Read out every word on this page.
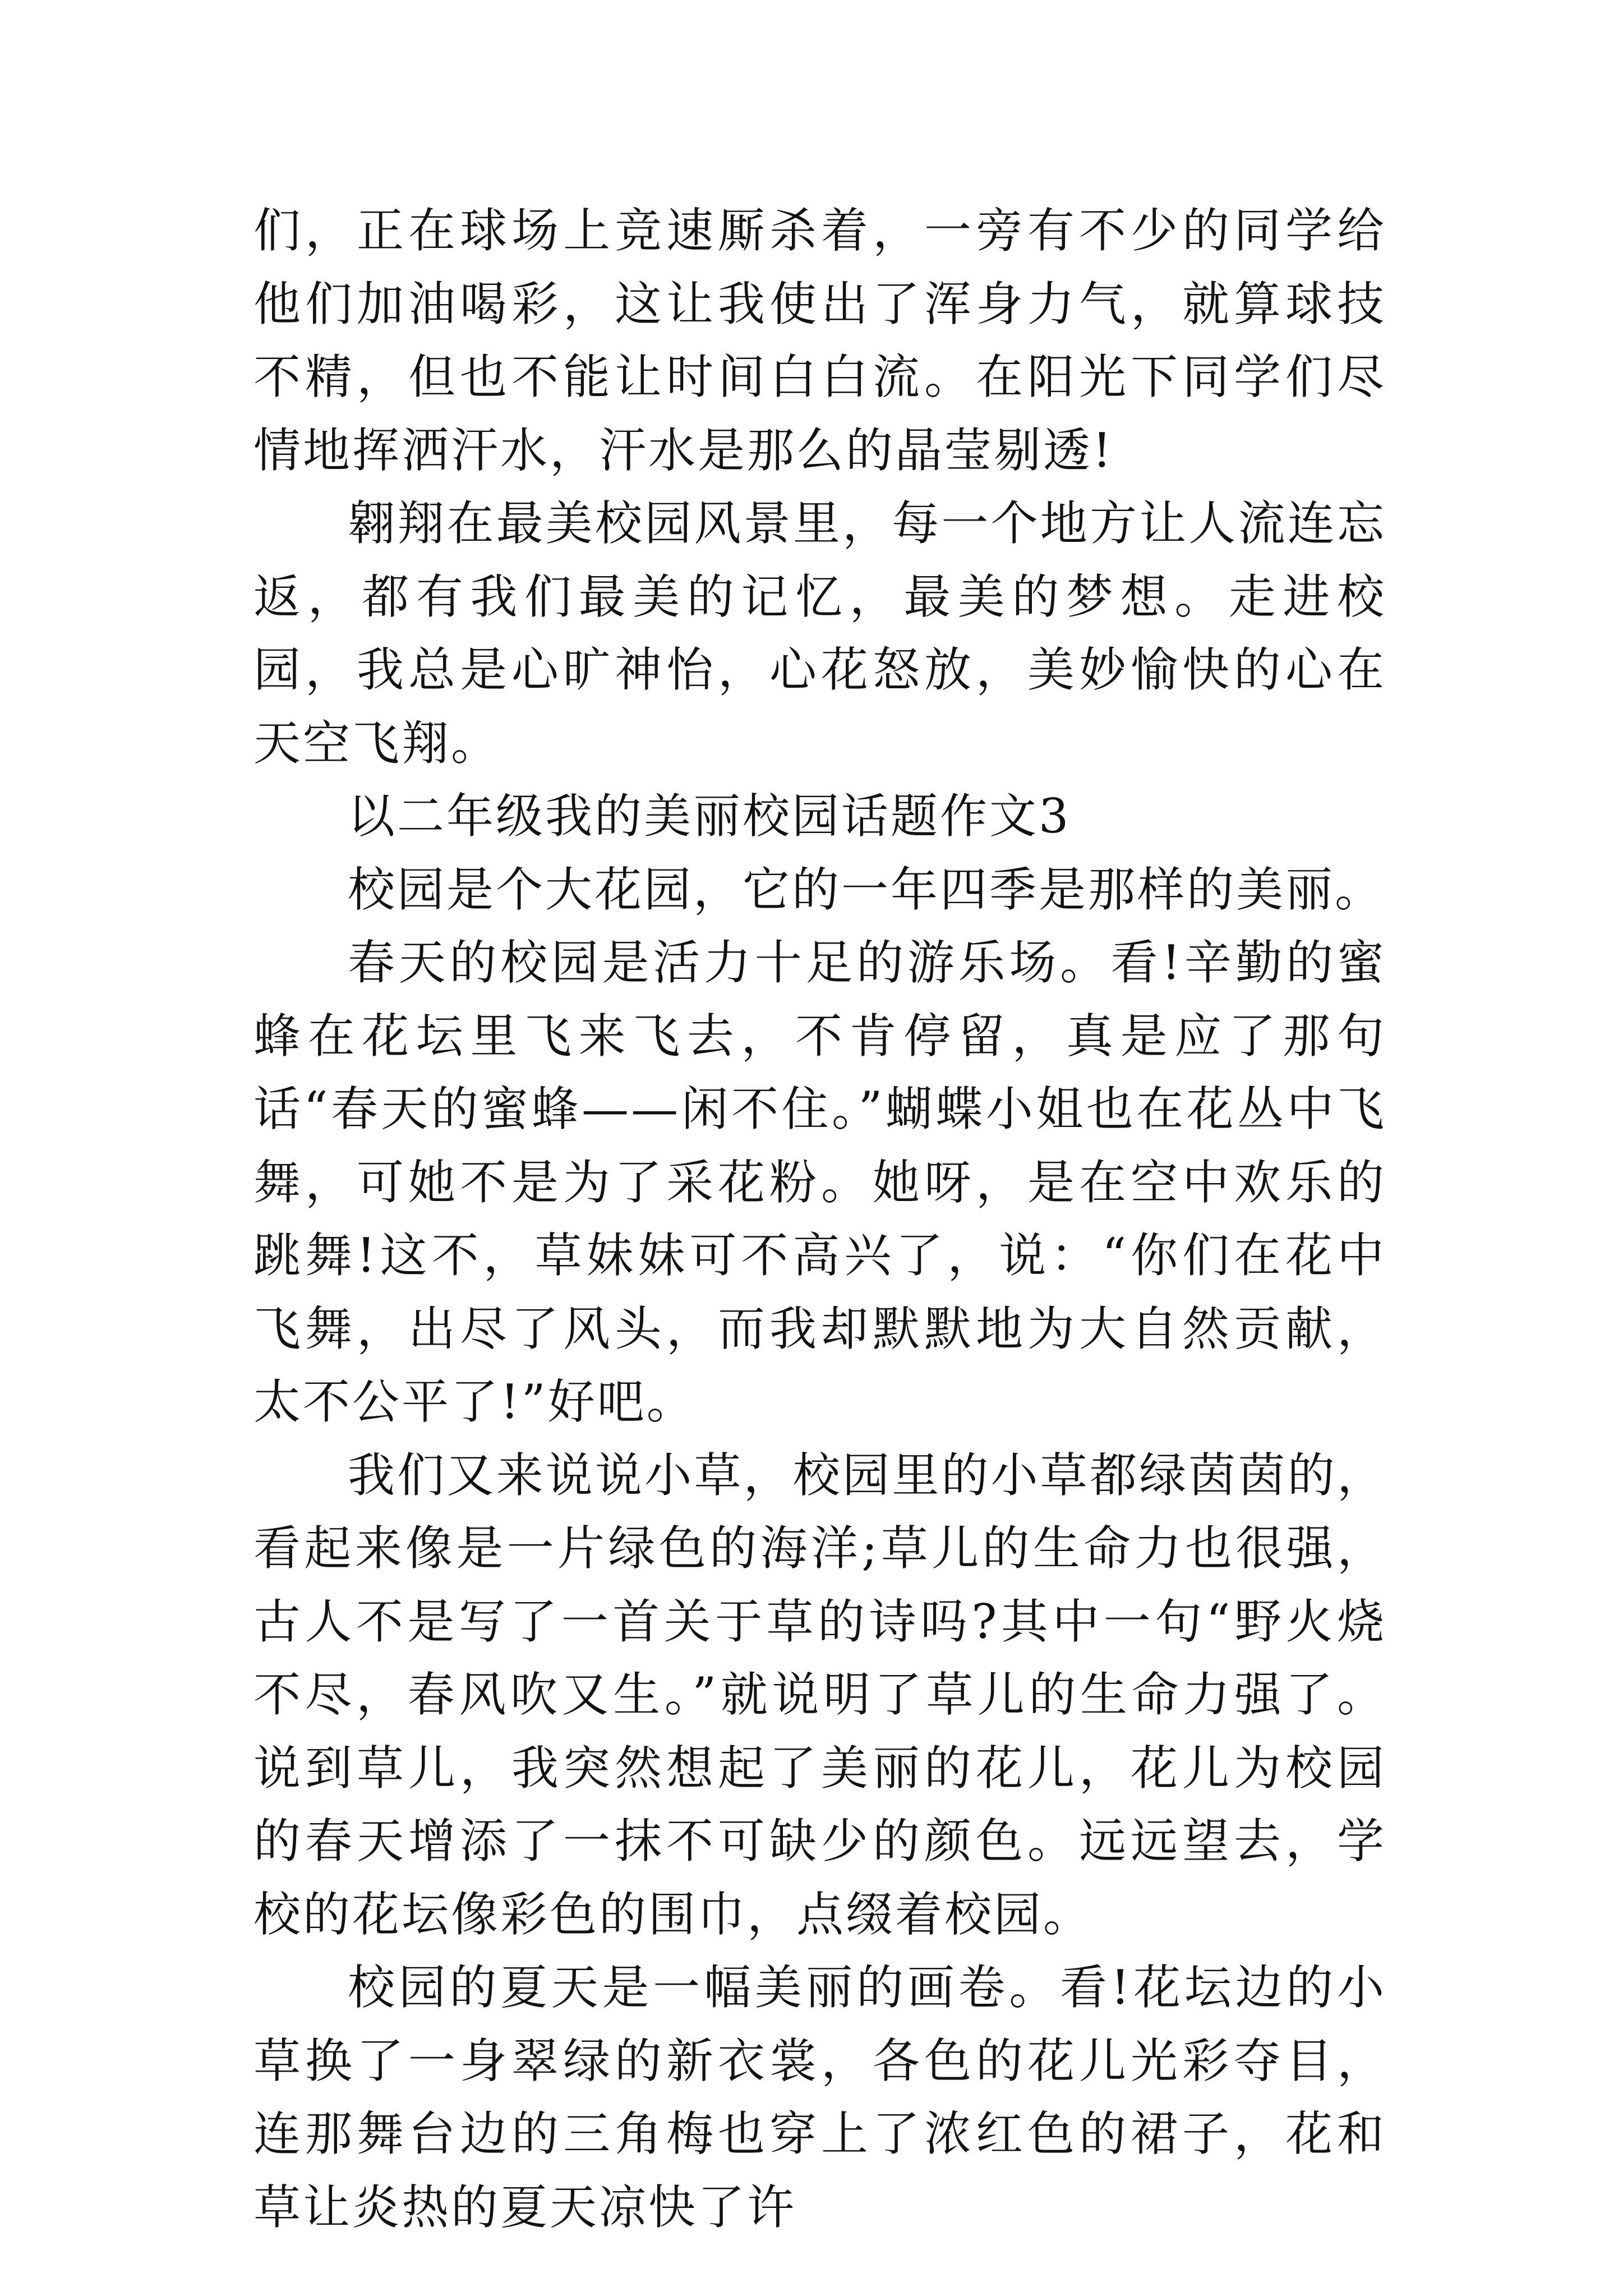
们，正在球场上竞速厮杀着，一旁有不少的同学给他们加油喝彩，这让我使出了浑身力气，就算球技不精，但也不能让时间白白流。在阳光下同学们尽情地挥洒汗水，汗水是那么的晶莹剔透!

翱翔在最美校园风景里，每一个地方让人流连忘返，都有我们最美的记忆，最美的梦想。走进校园，我总是心旷神怡，心花怒放，美妙愉快的心在天空飞翔。

以二年级我的美丽校园话题作文3

校园是个大花园，它的一年四季是那样的美丽。

春天的校园是活力十足的游乐场。看!辛勤的蜜蜂在花坛里飞来飞去，不肯停留，真是应了那句话“春天的蜜蜂——闲不住。”蝴蝶小姐也在花丛中飞舞，可她不是为了采花粉。她呀，是在空中欢乐的跳舞!这不，草妹妹可不高兴了，说：“你们在花中飞舞，出尽了风头，而我却默默地为大自然贡献，太不公平了!”好吧。

我们又来说说小草，校园里的小草都绿茵茵的，看起来像是一片绿色的海洋;草儿的生命力也很强，古人不是写了一首关于草的诗吗?其中一句“野火烧不尽，春风吹又生。”就说明了草儿的生命力强了。说到草儿，我突然想起了美丽的花儿，花儿为校园的春天增添了一抹不可缺少的颜色。远远望去，学校的花坛像彩色的围巾，点缀着校园。

校园的夏天是一幅美丽的画卷。看!花坛边的小草换了一身翠绿的新衣裳，各色的花儿光彩夺目，连那舞台边的三角梅也穿上了浓红色的裙子，花和草让炎热的夏天凉快了许
